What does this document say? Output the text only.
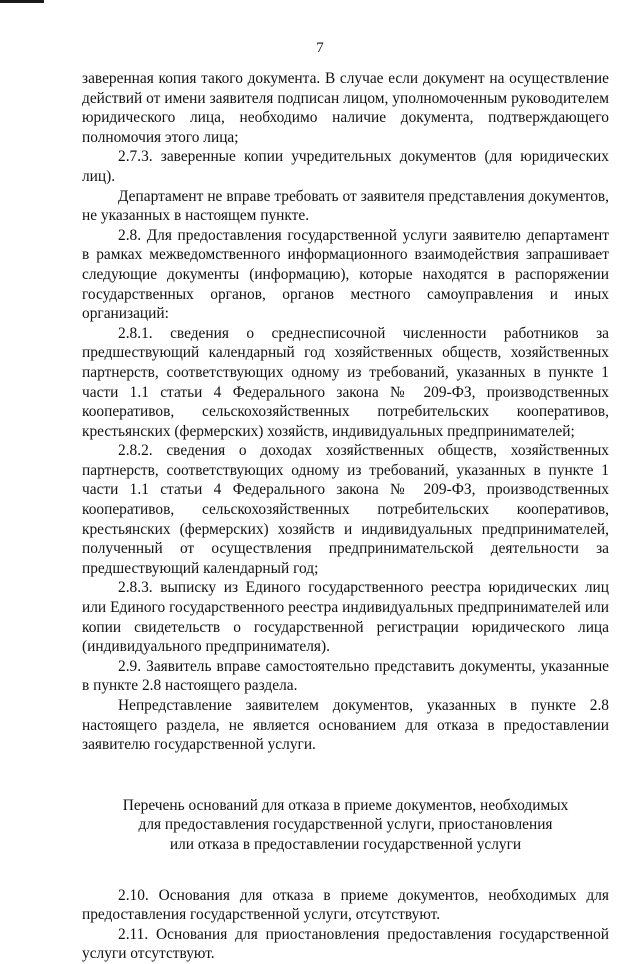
7

заверенная копия такого документа. В случае если документ на осуществление действий от имени заявителя подписан лицом, уполномоченным руководителем юридического лица, необходимо наличие документа, подтверждающего полномочия этого лица;

2.7.3. заверенные копии учредительных документов (для юридических лиц).

Департамент не вправе требовать от заявителя представления документов, не указанных в настоящем пункте.

2.8. Для предоставления государственной услуги заявителю департамент в рамках межведомственного информационного взаимодействия запрашивает следующие документы (информацию), которые находятся в распоряжении государственных органов, органов местного самоуправления и иных организаций:

2.8.1. сведения о среднесписочной численности работников за предшествующий календарный год хозяйственных обществ, хозяйственных партнерств, соответствующих одному из требований, указанных в пункте 1 части 1.1 статьи 4 Федерального закона № 209-ФЗ, производственных кооперативов, сельскохозяйственных потребительских кооперативов, крестьянских (фермерских) хозяйств, индивидуальных предпринимателей;

2.8.2. сведения о доходах хозяйственных обществ, хозяйственных партнерств, соответствующих одному из требований, указанных в пункте 1 части 1.1 статьи 4 Федерального закона № 209-ФЗ, производственных кооперативов, сельскохозяйственных потребительских кооперативов, крестьянских (фермерских) хозяйств и индивидуальных предпринимателей, полученный от осуществления предпринимательской деятельности за предшествующий календарный год;

2.8.3. выписку из Единого государственного реестра юридических лиц или Единого государственного реестра индивидуальных предпринимателей или копии свидетельств о государственной регистрации юридического лица (индивидуального предпринимателя).

2.9. Заявитель вправе самостоятельно представить документы, указанные в пункте 2.8 настоящего раздела.

Непредставление заявителем документов, указанных в пункте 2.8 настоящего раздела, не является основанием для отказа в предоставлении заявителю государственной услуги.

Перечень оснований для отказа в приеме документов, необходимых
для предоставления государственной услуги, приостановления
или отказа в предоставлении государственной услуги

2.10. Основания для отказа в приеме документов, необходимых для предоставления государственной услуги, отсутствуют.

2.11. Основания для приостановления предоставления государственной услуги отсутствуют.
